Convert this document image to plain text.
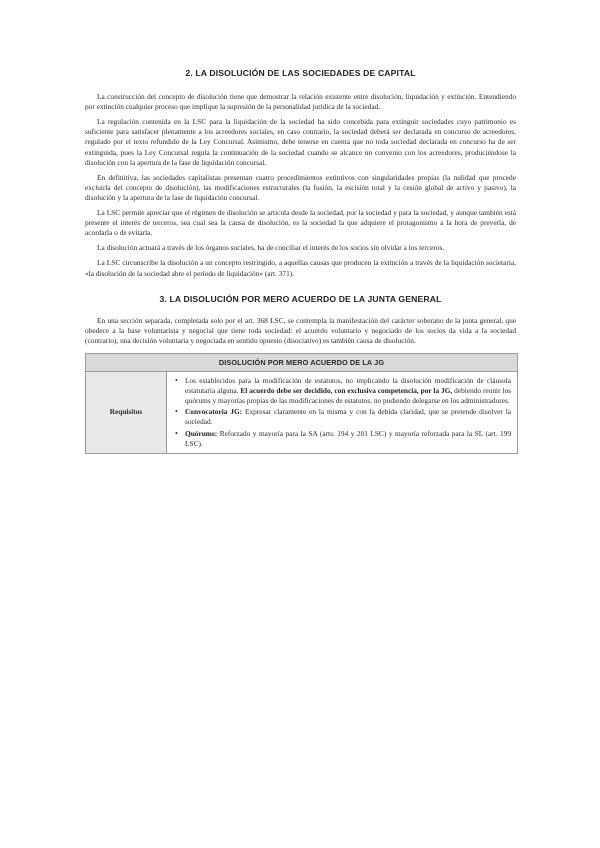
2. LA DISOLUCIÓN DE LAS SOCIEDADES DE CAPITAL

La construcción del concepto de disolución tiene que demostrar la relación existente entre disolución, liquidación y extinción. Entendiendo por extinción cualquier proceso que implique la supresión de la personalidad jurídica de la sociedad.

La regulación contenida en la LSC para la liquidación de la sociedad ha sido concebida para extinguir sociedades cuyo patrimonio es suficiente para satisfacer plenamente a los acreedores sociales, en caso contrario, la sociedad deberá ser declarada en concurso de acreedores, regulado por el texto refundido de la Ley Concursal. Asimismo, debe tenerse en cuenta que no toda sociedad declarada en concurso ha de ser extinguida, pues la Ley Concursal regula la continuación de la sociedad cuando se alcance un convenio con los acreedores, produciéndose la disolución con la apertura de la fase de liquidación concursal.

En definitiva, las sociedades capitalistas presentan cuatro procedimientos extintivos con singularidades propias (la nulidad que procede excluirla del concepto de disolución), las modificaciones estructurales (la fusión, la escisión total y la cesión global de activo y pasivo), la disolución y la apertura de la fase de liquidación concursal.

La LSC permite apreciar que el régimen de disolución se articula desde la sociedad, por la sociedad y para la sociedad, y aunque también está presente el interés de terceros, sea cual sea la causa de disolución, es la sociedad la que adquiere el protagonismo a la hora de preverla, de acordarla o de evitarla.

La disolución actuará a través de los órganos sociales, ha de conciliar el interés de los socios sin olvidar a los terceros.

La LSC circunscribe la disolución a un concepto restringido, a aquellas causas que producen la extinción a través de la liquidación societaria, «la disolución de la sociedad abre el período de liquidación» (art. 371).

3. LA DISOLUCIÓN POR MERO ACUERDO DE LA JUNTA GENERAL

En una sección separada, completada solo por el art. 368 LSC, se contempla la manifestación del carácter soberano de la junta general, que obedece a la base voluntarista y negocial que tiene toda sociedad: el acuerdo voluntario y negociado de los socios da vida a la sociedad (contrario), una decisión voluntaria y negociada en sentido opuesto (disociativo) es también causa de disolución.

DISOLUCIÓN POR MERO ACUERDO DE LA JG
Requisitos
• Los establecidos para la modificación de estatutos, no implicando la disolución modificación de cláusula estatutaria alguna. El acuerdo debe ser decidido, con exclusiva competencia, por la JG, debiendo reunir los quórums y mayorías propias de las modificaciones de estatutos, no pudiendo delegarse en los administradores.
• Convocatoria JG: Expresar claramente en la misma y con la debida claridad, que se pretende disolver la sociedad.
• Quórums: Reforzado y mayoría para la SA (arts. 194 y 201 LSC) y mayoría reforzada para la SL (art. 199 LSC).
